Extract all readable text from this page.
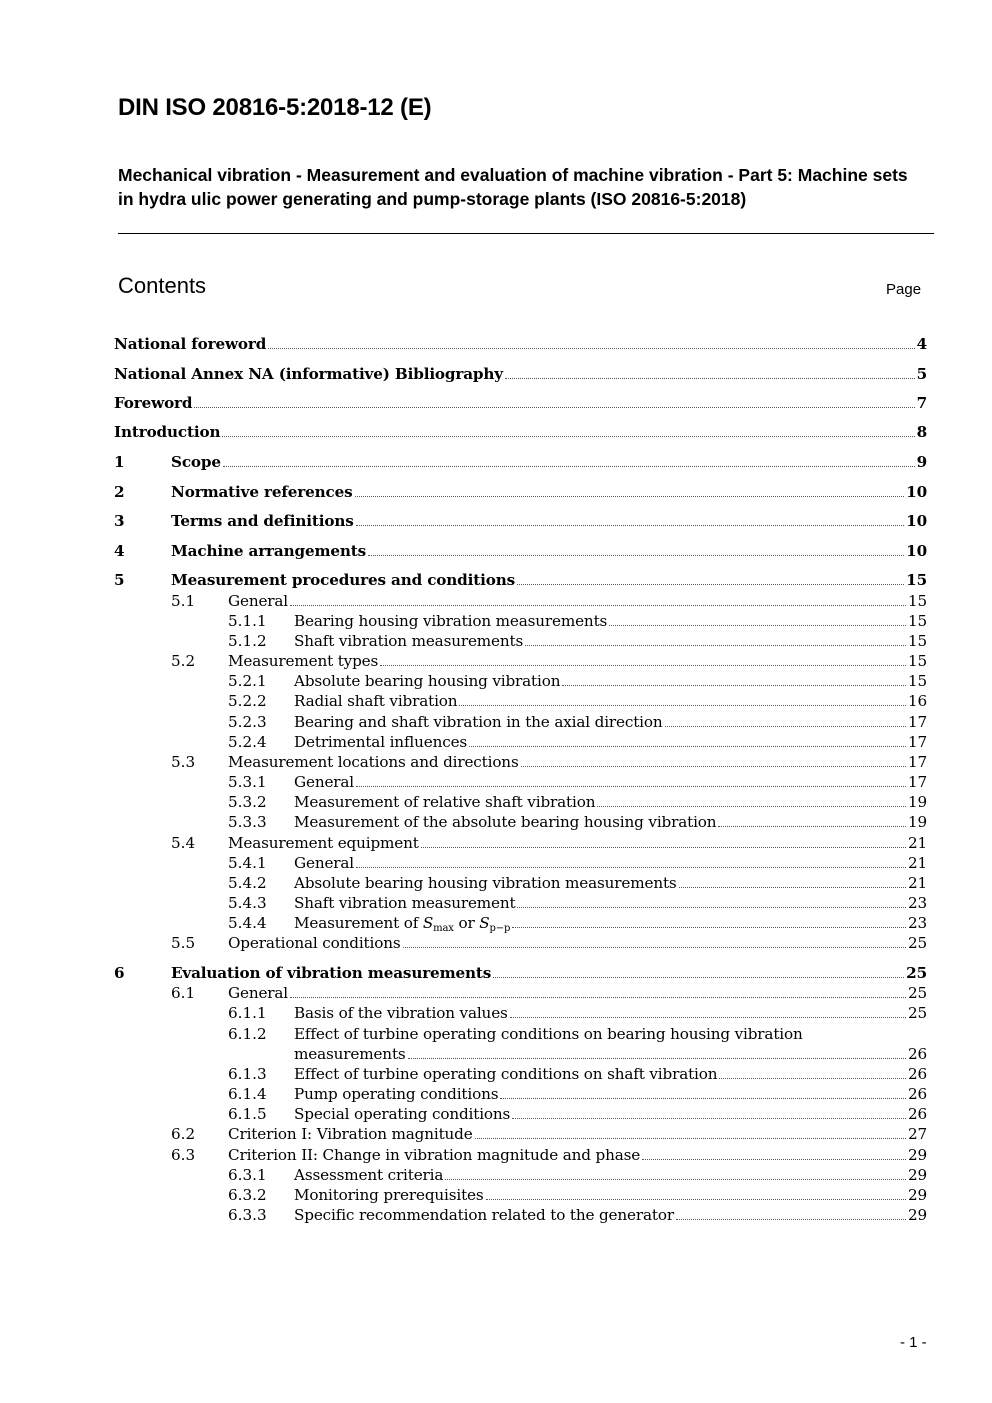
DIN ISO 20816-5:2018-12 (E)
Mechanical vibration - Measurement and evaluation of machine vibration - Part 5: Machine sets in hydra ulic power generating and pump-storage plants (ISO 20816-5:2018)
Contents	Page
National foreword	4
National Annex NA (informative) Bibliography	5
Foreword	7
Introduction	8
1	Scope	9
2	Normative references	10
3	Terms and definitions	10
4	Machine arrangements	10
5	Measurement procedures and conditions	15
5.1 General	15
5.1.1 Bearing housing vibration measurements	15
5.1.2 Shaft vibration measurements	15
5.2 Measurement types	15
5.2.1 Absolute bearing housing vibration	15
5.2.2 Radial shaft vibration	16
5.2.3 Bearing and shaft vibration in the axial direction	17
5.2.4 Detrimental influences	17
5.3 Measurement locations and directions	17
5.3.1 General	17
5.3.2 Measurement of relative shaft vibration	19
5.3.3 Measurement of the absolute bearing housing vibration	19
5.4 Measurement equipment	21
5.4.1 General	21
5.4.2 Absolute bearing housing vibration measurements	21
5.4.3 Shaft vibration measurement	23
5.4.4 Measurement of Smax or Sp−p	23
5.5 Operational conditions	25
6	Evaluation of vibration measurements	25
6.1 General	25
6.1.1 Basis of the vibration values	25
6.1.2 Effect of turbine operating conditions on bearing housing vibration
measurements	26
6.1.3 Effect of turbine operating conditions on shaft vibration	26
6.1.4 Pump operating conditions	26
6.1.5 Special operating conditions	26
6.2 Criterion I: Vibration magnitude	27
6.3 Criterion II: Change in vibration magnitude and phase	29
6.3.1 Assessment criteria	29
6.3.2 Monitoring prerequisites	29
6.3.3 Specific recommendation related to the generator	29
- 1 -
